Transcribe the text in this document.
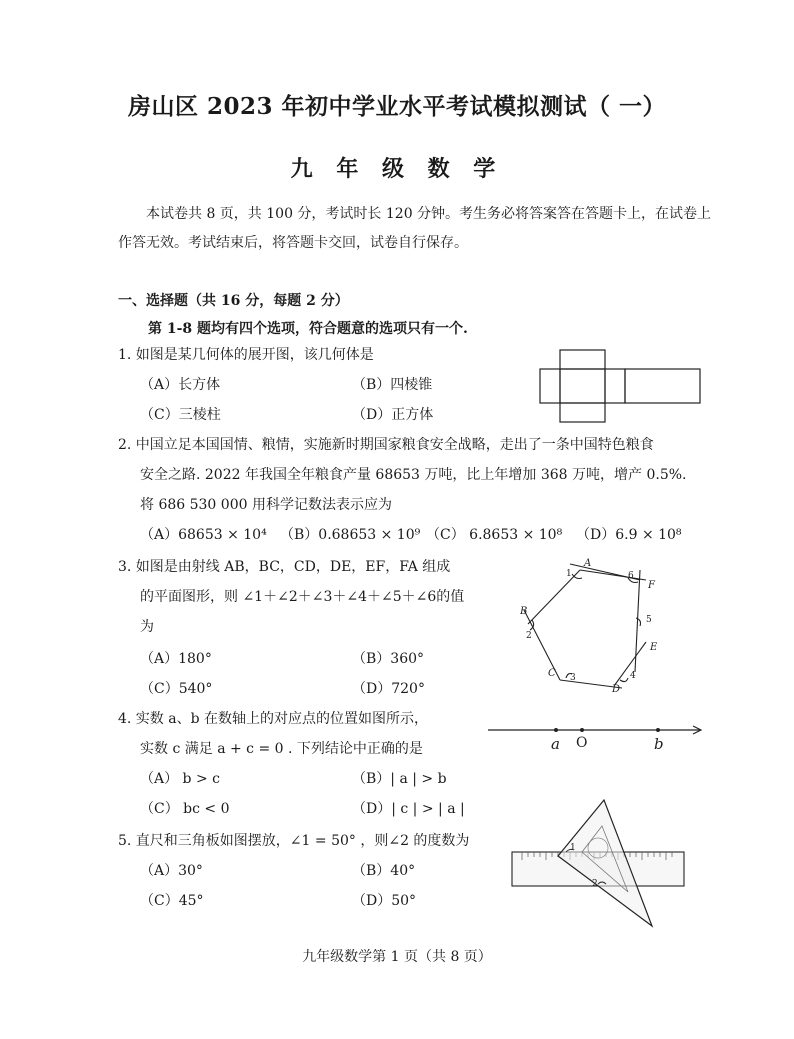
房山区 2023 年初中学业水平考试模拟测试（ 一）
九 年 级 数 学
本试卷共 8 页，共 100 分，考试时长 120 分钟。考生务必将答案答在答题卡上，在试卷上作答无效。考试结束后，将答题卡交回，试卷自行保存。
一、选择题（共 16 分，每题 2 分）
第 1-8 题均有四个选项，符合题意的选项只有一个.
1. 如图是某几何体的展开图，该几何体是
（A）长方体	（B）四棱锥
（C）三棱柱	（D）正方体
2. 中国立足本国国情、粮情，实施新时期国家粮食安全战略，走出了一条中国特色粮食
安全之路. 2022 年我国全年粮食产量 68653 万吨，比上年增加 368 万吨，增产 0.5%.
将 686 530 000 用科学记数法表示应为
（A）68653 × 10⁴ （B）0.68653 × 10⁹ （C） 6.8653 × 10⁸ （D）6.9 × 10⁸
3. 如图是由射线 AB，BC，CD，DE，EF，FA 组成
的平面图形，则 ∠1＋∠2＋∠3＋∠4＋∠5＋∠6的值
为
（A）180°	（B）360°
（C）540°	（D）720°
A
B
C
D
E
F
1
2
3	4
5
6
4. 实数 a、b 在数轴上的对应点的位置如图所示，
实数 c 满足 a + c = 0 . 下列结论中正确的是
（A） b > c	（B）| a | > b
（C） bc < 0	（D）| c | > | a |
a O	b
5. 直尺和三角板如图摆放，∠1 = 50° ，则∠2 的度数为
（A）30°	（B）40°
（C）45°	（D）50°
1
2
九年级数学第 1 页（共 8 页）
